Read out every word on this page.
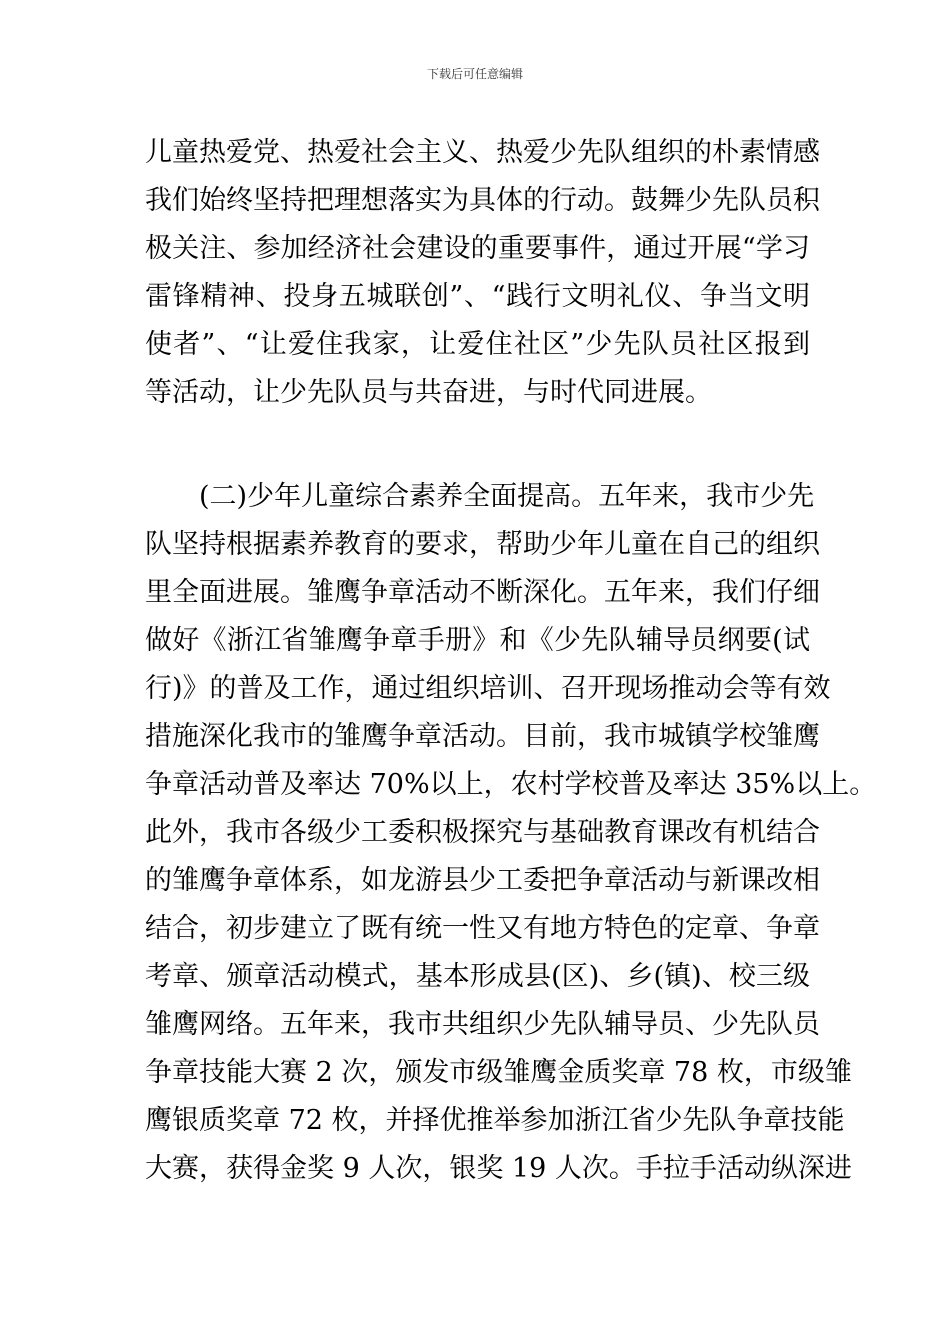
下载后可任意编辑
儿童热爱党、热爱社会主义、热爱少先队组织的朴素情感
我们始终坚持把理想落实为具体的行动。鼓舞少先队员积
极关注、参加经济社会建设的重要事件，通过开展“学习
雷锋精神、投身五城联创”、“践行文明礼仪、争当文明
使者”、“让爱住我家，让爱住社区”少先队员社区报到
等活动，让少先队员与共奋进，与时代同进展。
　　(二)少年儿童综合素养全面提高。五年来，我市少先
队坚持根据素养教育的要求，帮助少年儿童在自己的组织
里全面进展。雏鹰争章活动不断深化。五年来，我们仔细
做好《浙江省雏鹰争章手册》和《少先队辅导员纲要(试
行)》的普及工作，通过组织培训、召开现场推动会等有效
措施深化我市的雏鹰争章活动。目前，我市城镇学校雏鹰
争章活动普及率达 70%以上，农村学校普及率达 35%以上。
此外，我市各级少工委积极探究与基础教育课改有机结合
的雏鹰争章体系，如龙游县少工委把争章活动与新课改相
结合，初步建立了既有统一性又有地方特色的定章、争章
考章、颁章活动模式，基本形成县(区)、乡(镇)、校三级
雏鹰网络。五年来，我市共组织少先队辅导员、少先队员
争章技能大赛 2 次，颁发市级雏鹰金质奖章 78 枚，市级雏
鹰银质奖章 72 枚，并择优推举参加浙江省少先队争章技能
大赛，获得金奖 9 人次，银奖 19 人次。手拉手活动纵深进
